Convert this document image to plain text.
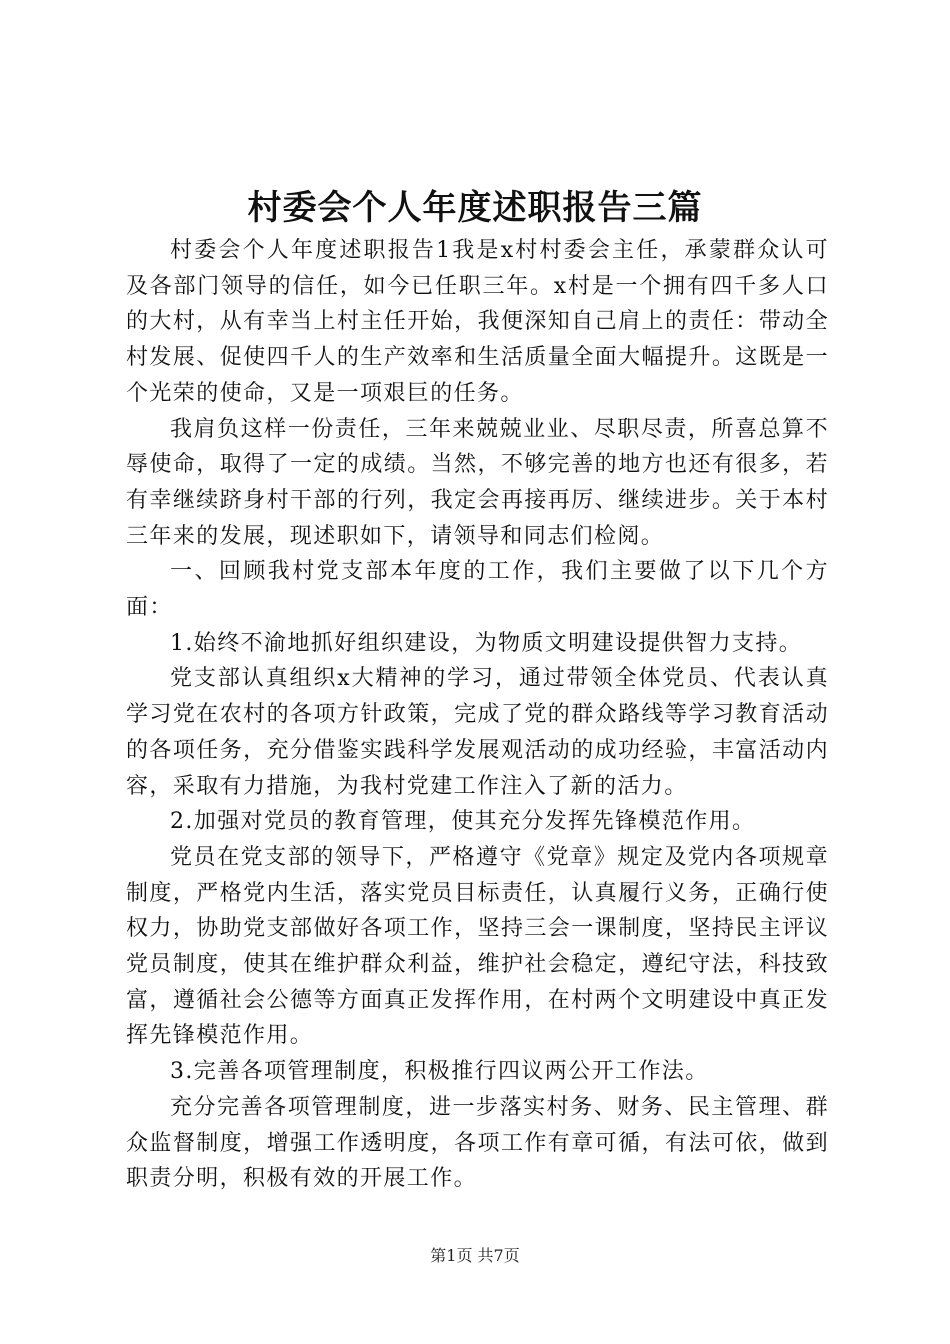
村委会个人年度述职报告三篇

村委会个人年度述职报告1我是x村村委会主任，承蒙群众认可及各部门领导的信任，如今已任职三年。x村是一个拥有四千多人口的大村，从有幸当上村主任开始，我便深知自己肩上的责任：带动全村发展、促使四千人的生产效率和生活质量全面大幅提升。这既是一个光荣的使命，又是一项艰巨的任务。

我肩负这样一份责任，三年来兢兢业业、尽职尽责，所喜总算不辱使命，取得了一定的成绩。当然，不够完善的地方也还有很多，若有幸继续跻身村干部的行列，我定会再接再厉、继续进步。关于本村三年来的发展，现述职如下，请领导和同志们检阅。

一、回顾我村党支部本年度的工作，我们主要做了以下几个方面：

1.始终不渝地抓好组织建设，为物质文明建设提供智力支持。

党支部认真组织x大精神的学习，通过带领全体党员、代表认真学习党在农村的各项方针政策，完成了党的群众路线等学习教育活动的各项任务，充分借鉴实践科学发展观活动的成功经验，丰富活动内容，采取有力措施，为我村党建工作注入了新的活力。

2.加强对党员的教育管理，使其充分发挥先锋模范作用。

党员在党支部的领导下，严格遵守《党章》规定及党内各项规章制度，严格党内生活，落实党员目标责任，认真履行义务，正确行使权力，协助党支部做好各项工作，坚持三会一课制度，坚持民主评议党员制度，使其在维护群众利益，维护社会稳定，遵纪守法，科技致富，遵循社会公德等方面真正发挥作用，在村两个文明建设中真正发挥先锋模范作用。

3.完善各项管理制度，积极推行四议两公开工作法。

充分完善各项管理制度，进一步落实村务、财务、民主管理、群众监督制度，增强工作透明度，各项工作有章可循，有法可依，做到职责分明，积极有效的开展工作。

第1页 共7页
